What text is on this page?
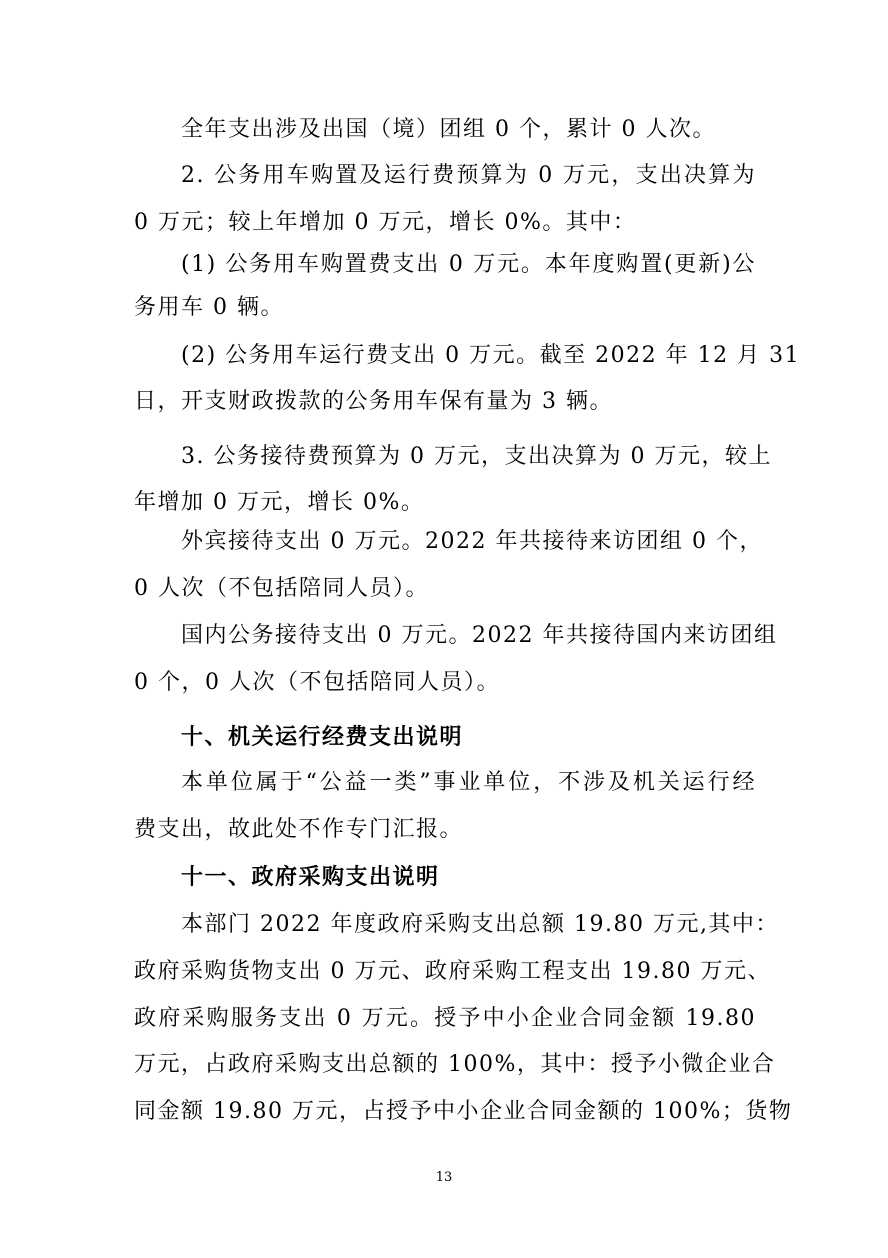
全年支出涉及出国（境）团组 0 个，累计 0 人次。

2. 公务用车购置及运行费预算为 0 万元，支出决算为

0 万元；较上年增加 0 万元，增长 0%。其中：

(1) 公务用车购置费支出 0 万元。本年度购置(更新)公

务用车 0 辆。

(2) 公务用车运行费支出 0 万元。截至 2022 年 12 月 31

日，开支财政拨款的公务用车保有量为 3 辆。

3. 公务接待费预算为 0 万元，支出决算为 0 万元，较上

年增加 0 万元，增长 0%。

外宾接待支出 0 万元。2022 年共接待来访团组 0 个，

0 人次（不包括陪同人员）。

国内公务接待支出 0 万元。2022 年共接待国内来访团组

0 个，0 人次（不包括陪同人员）。

十、机关运行经费支出说明

本单位属于“公益一类”事业单位，不涉及机关运行经

费支出，故此处不作专门汇报。

十一、政府采购支出说明

本部门 2022 年度政府采购支出总额 19.80 万元,其中：

政府采购货物支出 0 万元、政府采购工程支出 19.80 万元、

政府采购服务支出 0 万元。授予中小企业合同金额 19.80

万元，占政府采购支出总额的 100%，其中：授予小微企业合

同金额 19.80 万元，占授予中小企业合同金额的 100%；货物

13
